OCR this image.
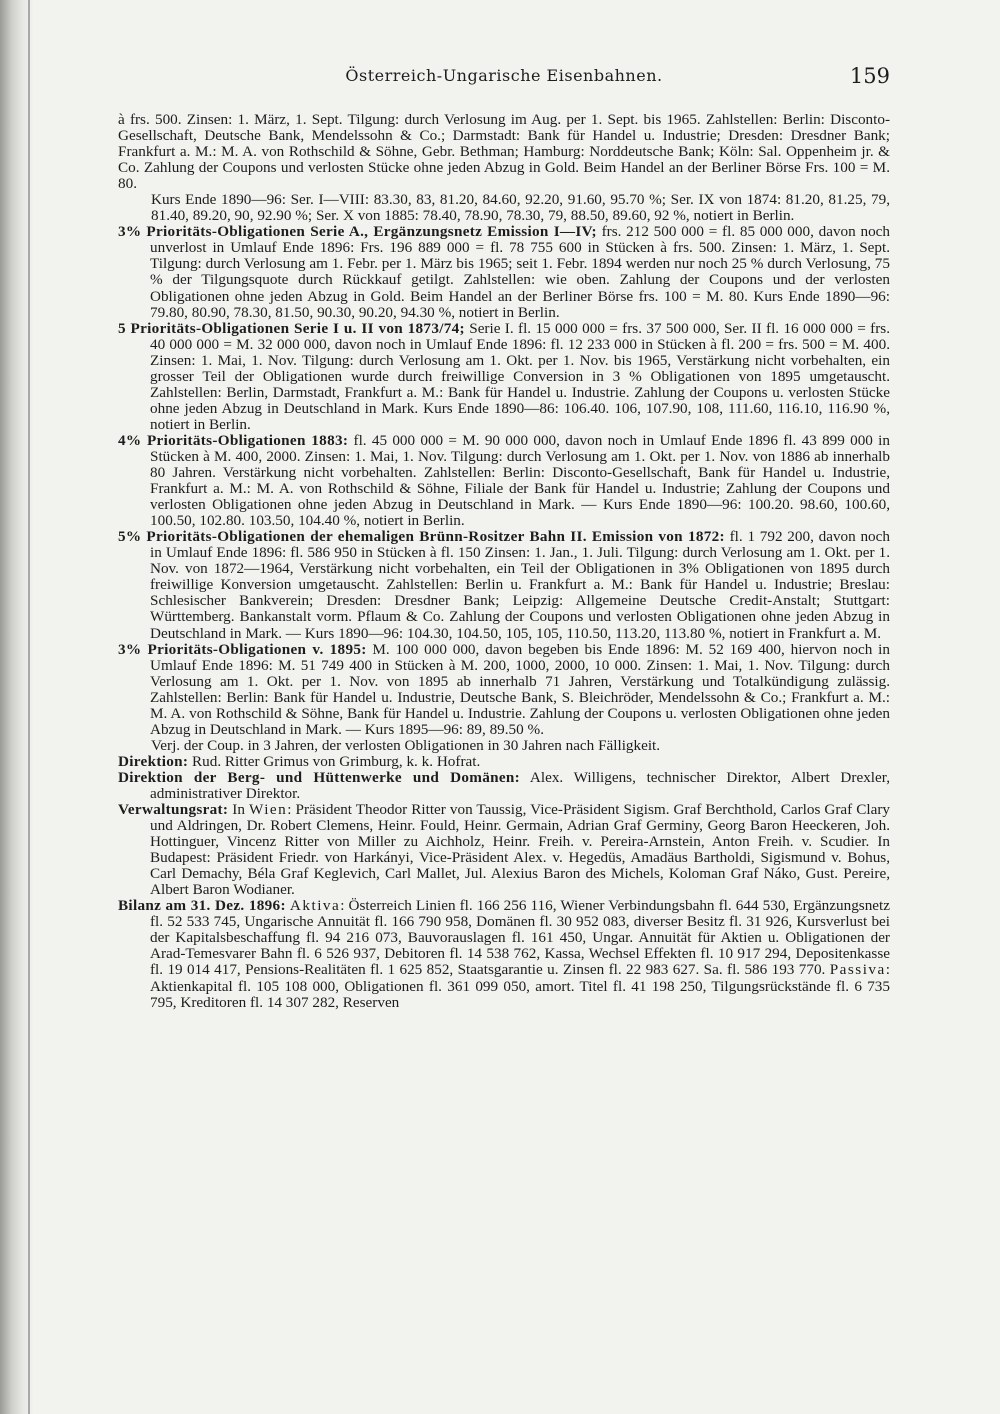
Österreich-Ungarische Eisenbahnen.	159

à frs. 500. Zinsen: 1. März, 1. Sept. Tilgung: durch Verlosung im Aug. per 1. Sept. bis 1965. Zahlstellen: Berlin: Disconto-Gesellschaft, Deutsche Bank, Mendelssohn & Co.; Darmstadt: Bank für Handel u. Industrie; Dresden: Dresdner Bank; Frankfurt a. M.: M. A. von Rothschild & Söhne, Gebr. Bethman; Hamburg: Norddeutsche Bank; Köln: Sal. Oppenheim jr. & Co. Zahlung der Coupons und verlosten Stücke ohne jeden Abzug in Gold. Beim Handel an der Berliner Börse Frs. 100 = M. 80.

Kurs Ende 1890—96: Ser. I—VIII: 83.30, 83, 81.20, 84.60, 92.20, 91.60, 95.70 %; Ser. IX von 1874: 81.20, 81.25, 79, 81.40, 89.20, 90, 92.90 %; Ser. X von 1885: 78.40, 78.90, 78.30, 79, 88.50, 89.60, 92 %, notiert in Berlin.

3% Prioritäts-Obligationen Serie A., Ergänzungsnetz Emission I—IV; frs. 212 500 000 = fl. 85 000 000, davon noch unverlost in Umlauf Ende 1896: Frs. 196 889 000 = fl. 78 755 600 in Stücken à frs. 500. Zinsen: 1. März, 1. Sept. Tilgung: durch Verlosung am 1. Febr. per 1. März bis 1965; seit 1. Febr. 1894 werden nur noch 25 % durch Verlosung, 75 % der Tilgungsquote durch Rückkauf getilgt. Zahlstellen: wie oben. Zahlung der Coupons und der verlosten Obligationen ohne jeden Abzug in Gold. Beim Handel an der Berliner Börse frs. 100 = M. 80. Kurs Ende 1890—96: 79.80, 80.90, 78.30, 81.50, 90.30, 90.20, 94.30 %, notiert in Berlin.

5 Prioritäts-Obligationen Serie I u. II von 1873/74; Serie I. fl. 15 000 000 = frs. 37 500 000, Ser. II fl. 16 000 000 = frs. 40 000 000 = M. 32 000 000, davon noch in Umlauf Ende 1896: fl. 12 233 000 in Stücken à fl. 200 = frs. 500 = M. 400. Zinsen: 1. Mai, 1. Nov. Tilgung: durch Verlosung am 1. Okt. per 1. Nov. bis 1965, Verstärkung nicht vorbehalten, ein grosser Teil der Obligationen wurde durch freiwillige Conversion in 3 % Obligationen von 1895 umgetauscht. Zahlstellen: Berlin, Darmstadt, Frankfurt a. M.: Bank für Handel u. Industrie. Zahlung der Coupons u. verlosten Stücke ohne jeden Abzug in Deutschland in Mark. Kurs Ende 1890—86: 106.40. 106, 107.90, 108, 111.60, 116.10, 116.90 %, notiert in Berlin.

4% Prioritäts-Obligationen 1883: fl. 45 000 000 = M. 90 000 000, davon noch in Umlauf Ende 1896 fl. 43 899 000 in Stücken à M. 400, 2000. Zinsen: 1. Mai, 1. Nov. Tilgung: durch Verlosung am 1. Okt. per 1. Nov. von 1886 ab innerhalb 80 Jahren. Verstärkung nicht vorbehalten. Zahlstellen: Berlin: Disconto-Gesellschaft, Bank für Handel u. Industrie, Frankfurt a. M.: M. A. von Rothschild & Söhne, Filiale der Bank für Handel u. Industrie; Zahlung der Coupons und verlosten Obligationen ohne jeden Abzug in Deutschland in Mark. — Kurs Ende 1890—96: 100.20. 98.60, 100.60, 100.50, 102.80. 103.50, 104.40 %, notiert in Berlin.

5% Prioritäts-Obligationen der ehemaligen Brünn-Rositzer Bahn II. Emission von 1872: fl. 1 792 200, davon noch in Umlauf Ende 1896: fl. 586 950 in Stücken à fl. 150 Zinsen: 1. Jan., 1. Juli. Tilgung: durch Verlosung am 1. Okt. per 1. Nov. von 1872—1964, Verstärkung nicht vorbehalten, ein Teil der Obligationen in 3% Obligationen von 1895 durch freiwillige Konversion umgetauscht. Zahlstellen: Berlin u. Frankfurt a. M.: Bank für Handel u. Industrie; Breslau: Schlesischer Bankverein; Dresden: Dresdner Bank; Leipzig: Allgemeine Deutsche Credit-Anstalt; Stuttgart: Württemberg. Bankanstalt vorm. Pflaum & Co. Zahlung der Coupons und verlosten Obligationen ohne jeden Abzug in Deutschland in Mark. — Kurs 1890—96: 104.30, 104.50, 105, 105, 110.50, 113.20, 113.80 %, notiert in Frankfurt a. M.

3% Prioritäts-Obligationen v. 1895: M. 100 000 000, davon begeben bis Ende 1896: M. 52 169 400, hiervon noch in Umlauf Ende 1896: M. 51 749 400 in Stücken à M. 200, 1000, 2000, 10 000. Zinsen: 1. Mai, 1. Nov. Tilgung: durch Verlosung am 1. Okt. per 1. Nov. von 1895 ab innerhalb 71 Jahren, Verstärkung und Totalkündigung zulässig. Zahlstellen: Berlin: Bank für Handel u. Industrie, Deutsche Bank, S. Bleichröder, Mendelssohn & Co.; Frankfurt a. M.: M. A. von Rothschild & Söhne, Bank für Handel u. Industrie. Zahlung der Coupons u. verlosten Obligationen ohne jeden Abzug in Deutschland in Mark. — Kurs 1895—96: 89, 89.50 %.

Verj. der Coup. in 3 Jahren, der verlosten Obligationen in 30 Jahren nach Fälligkeit.

Direktion: Rud. Ritter Grimus von Grimburg, k. k. Hofrat.

Direktion der Berg- und Hüttenwerke und Domänen: Alex. Willigens, technischer Direktor, Albert Drexler, administrativer Direktor.

Verwaltungsrat: In Wien: Präsident Theodor Ritter von Taussig, Vice-Präsident Sigism. Graf Berchthold, Carlos Graf Clary und Aldringen, Dr. Robert Clemens, Heinr. Fould, Heinr. Germain, Adrian Graf Germiny, Georg Baron Heeckeren, Joh. Hottinguer, Vincenz Ritter von Miller zu Aichholz, Heinr. Freih. v. Pereira-Arnstein, Anton Freih. v. Scudier. In Budapest: Präsident Friedr. von Harkányi, Vice-Präsident Alex. v. Hegedüs, Amadäus Bartholdi, Sigismund v. Bohus, Carl Demachy, Béla Graf Keglevich, Carl Mallet, Jul. Alexius Baron des Michels, Koloman Graf Náko, Gust. Pereire, Albert Baron Wodianer.

Bilanz am 31. Dez. 1896: Aktiva: Österreich Linien fl. 166 256 116, Wiener Verbindungsbahn fl. 644 530, Ergänzungsnetz fl. 52 533 745, Ungarische Annuität fl. 166 790 958, Domänen fl. 30 952 083, diverser Besitz fl. 31 926, Kursverlust bei der Kapitalsbeschaffung fl. 94 216 073, Bauvorauslagen fl. 161 450, Ungar. Annuität für Aktien u. Obligationen der Arad-Temesvarer Bahn fl. 6 526 937, Debitoren fl. 14 538 762, Kassa, Wechsel Effekten fl. 10 917 294, Depositenkasse fl. 19 014 417, Pensions-Realitäten fl. 1 625 852, Staatsgarantie u. Zinsen fl. 22 983 627. Sa. fl. 586 193 770. Passiva: Aktienkapital fl. 105 108 000, Obligationen fl. 361 099 050, amort. Titel fl. 41 198 250, Tilgungsrückstände fl. 6 735 795, Kreditoren fl. 14 307 282, Reserven
